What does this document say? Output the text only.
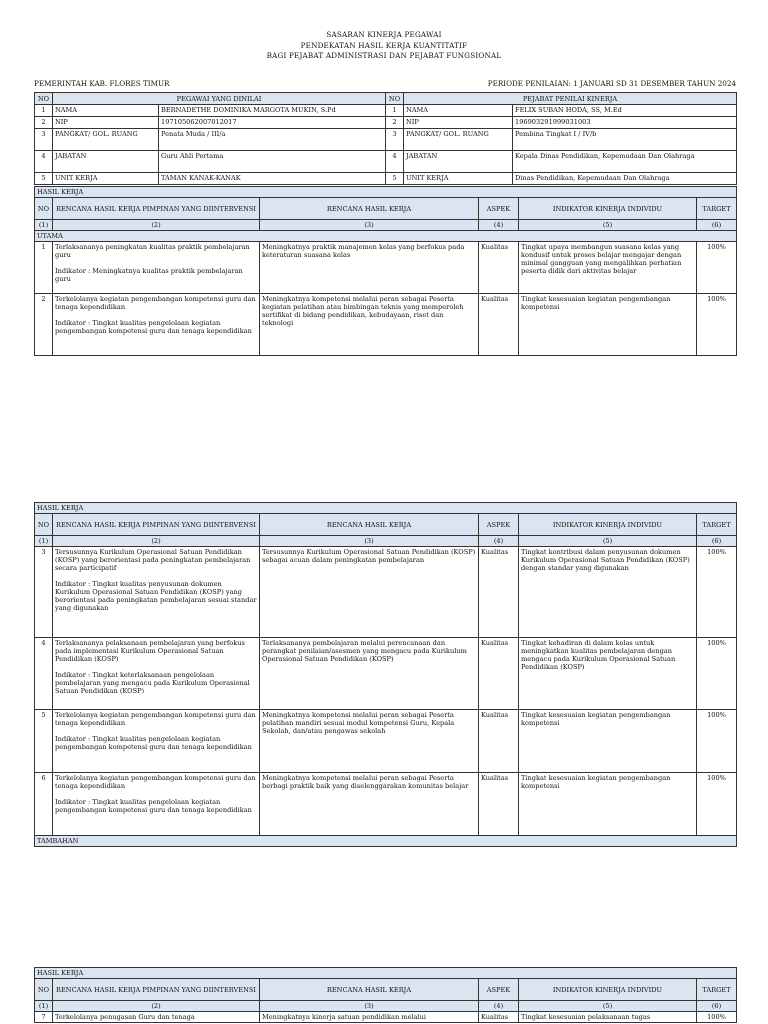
SASARAN KINERJA PEGAWAI
PENDEKATAN HASIL KERJA KUANTITATIF
BAGI PEJABAT ADMINISTRASI DAN PEJABAT FUNGSIONAL
PEMERINTAH KAB. FLORES TIMUR	PERIODE PENILAIAN: 1 JANUARI SD 31 DESEMBER TAHUN 2024
NO	PEGAWAI YANG DINILAI		NO	PEJABAT PENILAI KINERJA	
1	NAMA	BERNADETHE DOMINIKA MARGOTA MUKIN, S.Pd	1	NAMA	FELIX SUBAN HODA, SS, M.Ed
2	NIP	197105062007012017	2	NIP	196903291999031003
3	PANGKAT/ GOL. RUANG	Penata Muda / III/a	3	PANGKAT/ GOL. RUANG	Pembina Tingkat I / IV/b
4	JABATAN	Guru Ahli Pertama	4	JABATAN	Kepala Dinas Pendidikan, Kepemudaan Dan Olahraga
5	UNIT KERJA	TAMAN KANAK-KANAK	5	UNIT KERJA	Dinas Pendidikan, Kepemudaan Dan Olahraga
HASIL KERJA					
NO	RENCANA HASIL KERJA PIMPINAN YANG DIINTERVENSI	RENCANA HASIL KERJA	ASPEK	INDIKATOR KINERJA INDIVIDU	TARGET
(1)	(2)	(3)	(4)	(5)	(6)
UTAMA					
1	Terlaksananya peningkatan kualitas praktik pembelajaran guru

Indikator : Meningkatnya kualitas praktik pembelajaran guru	Meningkatnya praktik manajemen kelas yang berfokus pada keteraturan suasana kelas	Kualitas	Tingkat upaya membangun suasana kelas yang kondusif untuk proses belajar mengajar dengan minimal gangguan yang mengalihkan perhatian peserta didik dari aktivitas belajar	100%
2	Terkelolanya kegiatan pengembangan kompetensi guru dan tenaga kependidikan

Indikator : Tingkat kualitas pengelolaan kegiatan pengembangan kompetensi guru dan tenaga kependidikan	Meningkatnya kompetensi melalui peran sebagai Peserta kegiatan pelatihan atau bimbingan teknis yang memperoleh sertifikat di bidang pendidikan, kebudayaan, riset dan teknologi	Kualitas	Tingkat kesesuaian kegiatan pengembangan kompetensi	100%
HASIL KERJA					
NO	RENCANA HASIL KERJA PIMPINAN YANG DIINTERVENSI	RENCANA HASIL KERJA	ASPEK	INDIKATOR KINERJA INDIVIDU	TARGET
(1)	(2)	(3)	(4)	(5)	(6)
3	Tersusunnya Kurikulum Operasional Satuan Pendidikan (KOSP) yang berorientasi pada peningkatan pembelajaran secara participatif

Indikator : Tingkat kualitas penyusunan dokumen Kurikulum Operasional Satuan Pendidikan (KOSP) yang berorientasi pada peningkatan pembelajaran sesuai standar yang digunakan	Tersusunnya Kurikulum Operasional Satuan Pendidikan (KOSP) sebagai acuan dalam peningkatan pembelajaran	Kualitas	Tingkat kontribusi dalam penyusunan dokumen Kurikulum Operasional Satuan Pendidikan (KOSP) dengan standar yang digunakan	100%
4	Terlaksananya pelaksanaan pembelajaran yang berfokus pada implementasi Kurikulum Operasional Satuan Pendidikan (KOSP)

Indikator : Tingkat keterlaksanaan pengelolaan pembelajaran yang mengacu pada Kurikulum Operasional Satuan Pendidikan (KOSP)	Terlaksananya pembelajaran melalui perencanaan dan perangkat penilaian/asesmen yang mengacu pada Kurikulum Operasional Satuan Pendidikan (KOSP)	Kualitas	Tingkat kehadiran di dalam kelas untuk meningkatkan kualitas pembelajaran dengan mengacu pada Kurikulum Operasional Satuan Pendidikan (KOSP)	100%
5	Terkelolanya kegiatan pengembangan kompetensi guru dan tenaga kependidikan

Indikator : Tingkat kualitas pengelolaan kegiatan pengembangan kompetensi guru dan tenaga kependidikan	Meningkatnya kompetensi melalui peran sebagai Peserta pelatihan mandiri sesuai modul kompetensi Guru, Kepala Sekolah, dan/atau pengawas sekolah	Kualitas	Tingkat kesesuaian kegiatan pengembangan kompetensi	100%
6	Terkelolanya kegiatan pengembangan kompetensi guru dan tenaga kependidikan

Indikator : Tingkat kualitas pengelolaan kegiatan pengembangan kompetensi guru dan tenaga kependidikan	Meningkatnya kompetensi melalui peran sebagai Peserta berbagi praktik baik yang diselenggarakan komunitas belajar	Kualitas	Tingkat kesesuaian kegiatan pengembangan kompetensi	100%
TAMBAHAN					
HASIL KERJA					
NO	RENCANA HASIL KERJA PIMPINAN YANG DIINTERVENSI	RENCANA HASIL KERJA	ASPEK	INDIKATOR KINERJA INDIVIDU	TARGET
(1)	(2)	(3)	(4)	(5)	(6)
7	Terkelolanya penugasan Guru dan tenaga	Meningkatnya kinerja satuan pendidikan melalui	Kualitas	Tingkat kesesuaian pelaksanaan tugas	100%
